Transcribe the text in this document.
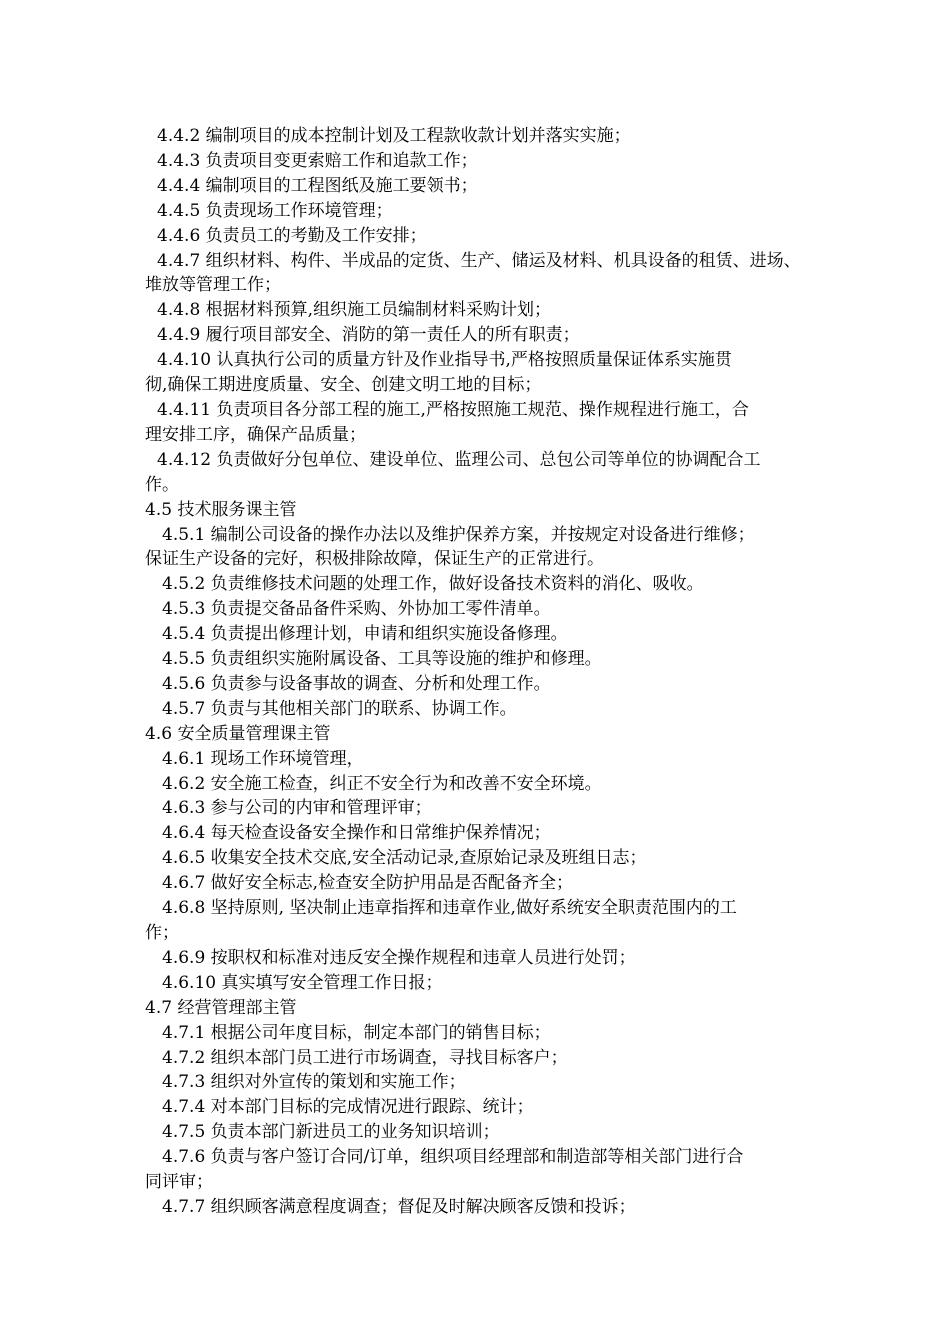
4.4.2 编制项目的成本控制计划及工程款收款计划并落实实施；
4.4.3 负责项目变更索赔工作和追款工作；
4.4.4 编制项目的工程图纸及施工要领书；
4.4.5 负责现场工作环境管理；
4.4.6 负责员工的考勤及工作安排；
4.4.7 组织材料、构件、半成品的定货、生产、储运及材料、机具设备的租赁、进场、
堆放等管理工作；
4.4.8 根据材料预算,组织施工员编制材料采购计划；
4.4.9 履行项目部安全、消防的第一责任人的所有职责；
4.4.10 认真执行公司的质量方针及作业指导书,严格按照质量保证体系实施贯
彻,确保工期进度质量、安全、创建文明工地的目标；
4.4.11 负责项目各分部工程的施工,严格按照施工规范、操作规程进行施工，合
理安排工序，确保产品质量；
4.4.12 负责做好分包单位、建设单位、监理公司、总包公司等单位的协调配合工
作。
4.5 技术服务课主管
4.5.1 编制公司设备的操作办法以及维护保养方案，并按规定对设备进行维修；
保证生产设备的完好，积极排除故障，保证生产的正常进行。
4.5.2 负责维修技术问题的处理工作，做好设备技术资料的消化、吸收。
4.5.3 负责提交备品备件采购、外协加工零件清单。
4.5.4 负责提出修理计划，申请和组织实施设备修理。
4.5.5 负责组织实施附属设备、工具等设施的维护和修理。
4.5.6 负责参与设备事故的调查、分析和处理工作。
4.5.7 负责与其他相关部门的联系、协调工作。
4.6 安全质量管理课主管
4.6.1 现场工作环境管理，
4.6.2 安全施工检查，纠正不安全行为和改善不安全环境。
4.6.3 参与公司的内审和管理评审；
4.6.4 每天检查设备安全操作和日常维护保养情况；
4.6.5 收集安全技术交底,安全活动记录,查原始记录及班组日志；
4.6.7 做好安全标志,检查安全防护用品是否配备齐全；
4.6.8 坚持原则, 坚决制止违章指挥和违章作业,做好系统安全职责范围内的工
作；
4.6.9 按职权和标准对违反安全操作规程和违章人员进行处罚；
4.6.10 真实填写安全管理工作日报；
4.7 经营管理部主管
4.7.1 根据公司年度目标，制定本部门的销售目标；
4.7.2 组织本部门员工进行市场调查，寻找目标客户；
4.7.3 组织对外宣传的策划和实施工作；
4.7.4 对本部门目标的完成情况进行跟踪、统计；
4.7.5 负责本部门新进员工的业务知识培训；
4.7.6 负责与客户签订合同/订单，组织项目经理部和制造部等相关部门进行合
同评审；
4.7.7 组织顾客满意程度调查；督促及时解决顾客反馈和投诉；
